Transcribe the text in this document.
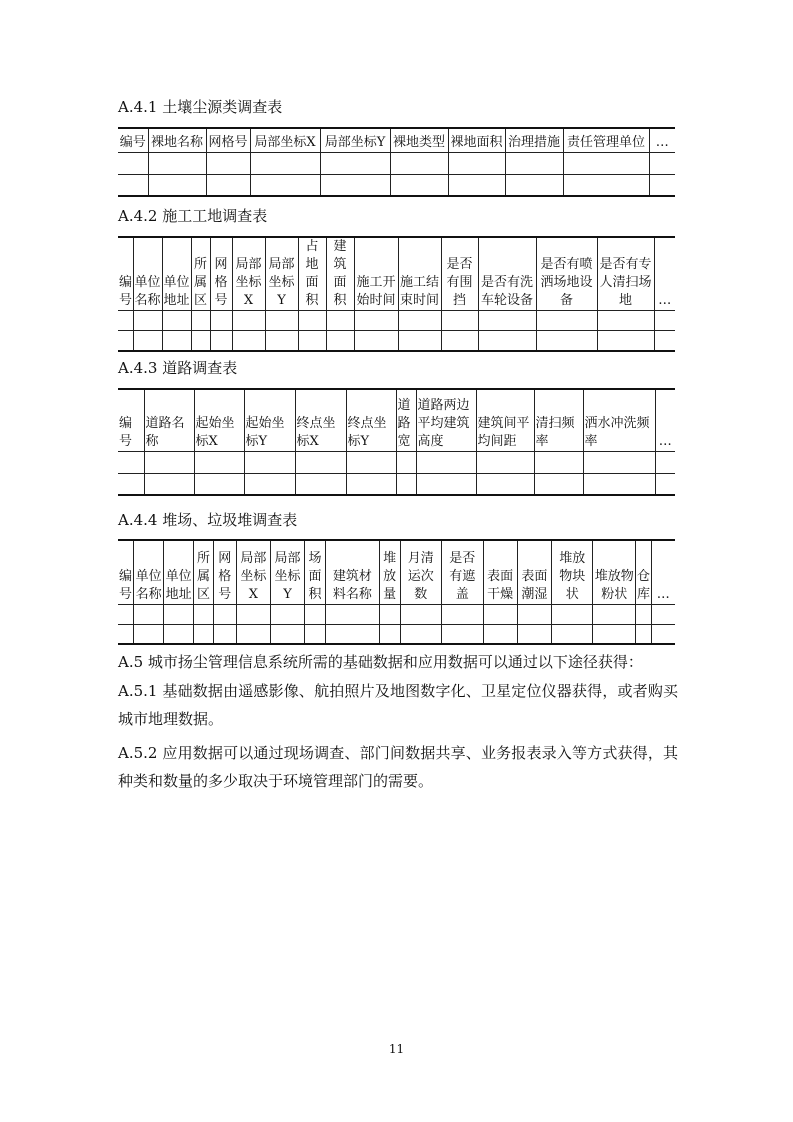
A.4.1 土壤尘源类调查表
编号	裸地名称	网格号	局部坐标X	局部坐标Y	裸地类型	裸地面积	治理措施	责任管理单位	…

A.4.2 施工工地调查表
编号	单位名称	单位地址	所属区	网格号	局部坐标X	局部坐标Y	占地面积	建筑面积	施工开始时间	施工结束时间	是否有围挡	是否有洗车轮设备	是否有喷洒场地设备	是否有专人清扫场地	…

A.4.3 道路调查表
编号	道路名称	起始坐标X	起始坐标Y	终点坐标X	终点坐标Y	道路宽	道路两边平均建筑高度	建筑间平均间距	清扫频率	洒水冲洗频率	…

A.4.4 堆场、垃圾堆调查表
编号	单位名称	单位地址	所属区	网格号	局部坐标X	局部坐标Y	场面积	建筑材料名称	堆放量	月清运次数	是否有遮盖	表面干燥	表面潮湿	堆放物块状	堆放物粉状	仓库	…

A.5 城市扬尘管理信息系统所需的基础数据和应用数据可以通过以下途径获得：
A.5.1 基础数据由遥感影像、航拍照片及地图数字化、卫星定位仪器获得，或者购买城市地理数据。
A.5.2 应用数据可以通过现场调查、部门间数据共享、业务报表录入等方式获得，其种类和数量的多少取决于环境管理部门的需要。
11
